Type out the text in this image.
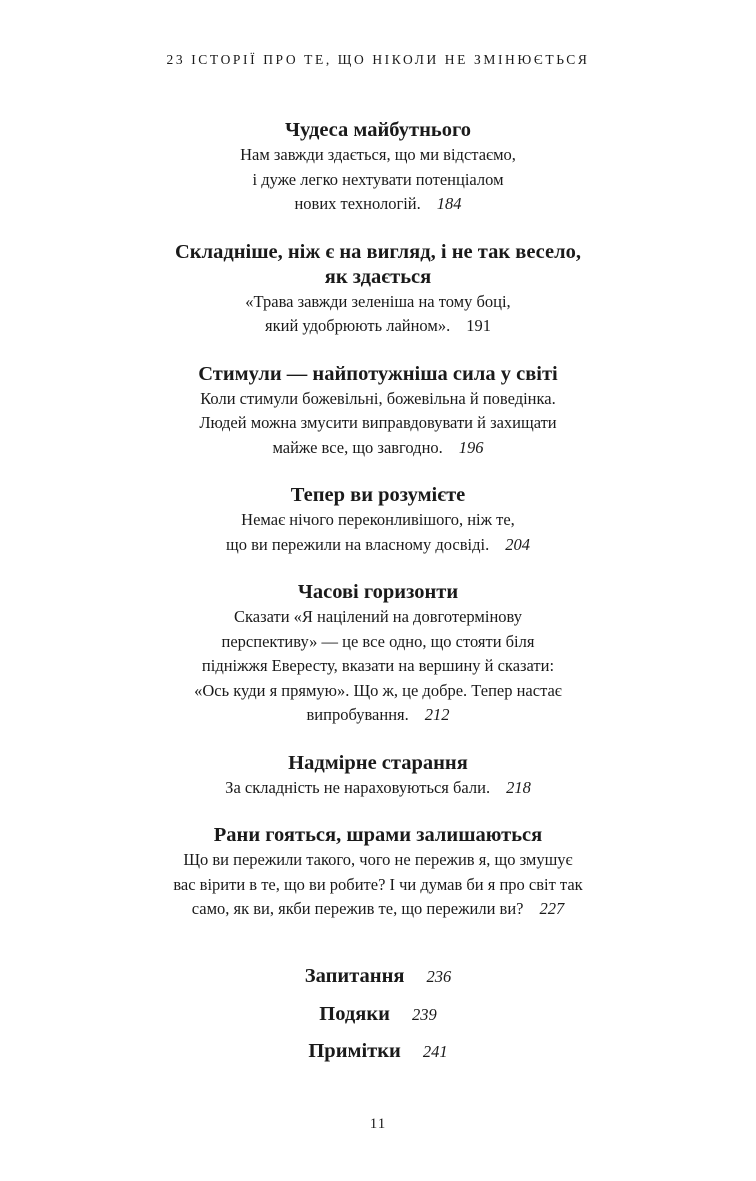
23 ІСТОРІЇ ПРО ТЕ, ЩО НІКОЛИ НЕ ЗМІНЮЄТЬСЯ
Чудеса майбутнього
Нам завжди здається, що ми відстаємо,
і дуже легко нехтувати потенціалом
нових технологій. 184
Складніше, ніж є на вигляд, і не так весело,
як здається
«Трава завжди зеленіша на тому боці,
який удобрюють лайном». 191
Стимули — найпотужніша сила у світі
Коли стимули божевільні, божевільна й поведінка.
Людей можна змусити виправдовувати й захищати
майже все, що завгодно. 196
Тепер ви розумієте
Немає нічого переконливішого, ніж те,
що ви пережили на власному досвіді. 204
Часові горизонти
Сказати «Я націлений на довготермінову
перспективу» — це все одно, що стояти біля
підніжжя Евересту, вказати на вершину й сказати:
«Ось куди я прямую». Що ж, це добре. Тепер настає
випробування. 212
Надмірне старання
За складність не нараховуються бали. 218
Рани гояться, шрами залишаються
Що ви пережили такого, чого не пережив я, що змушує
вас вірити в те, що ви робите? І чи думав би я про світ так
само, як ви, якби пережив те, що пережили ви? 227
Запитання 236
Подяки 239
Примітки 241
11
